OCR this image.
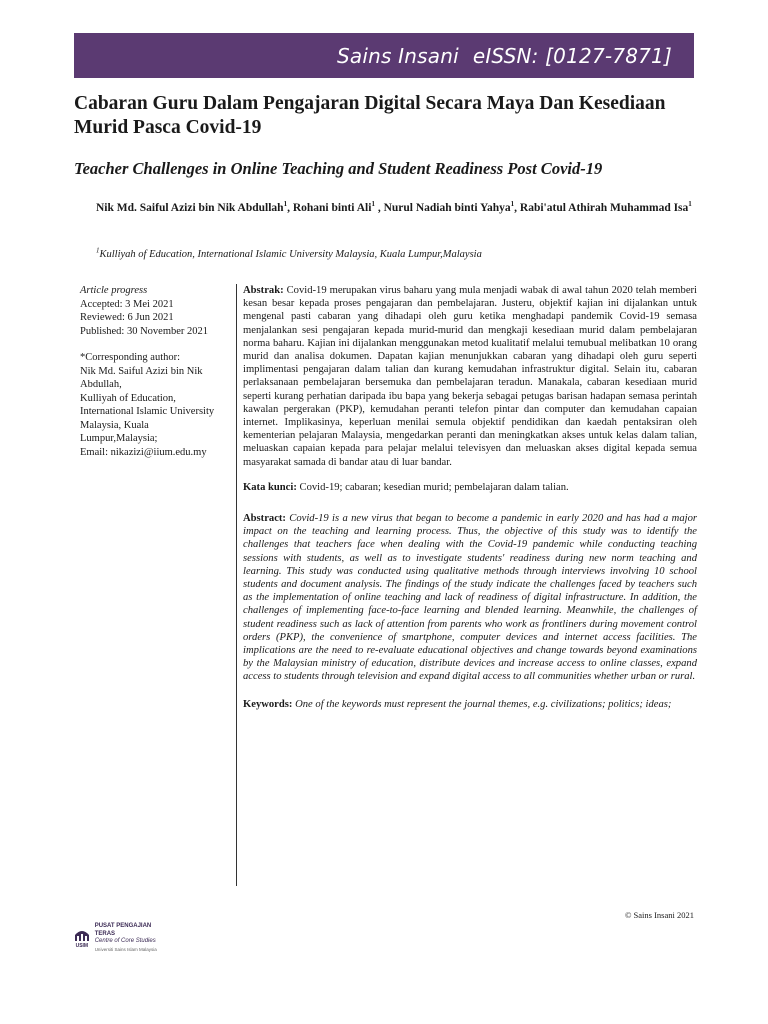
Sains Insani eISSN: [0127-7871]
Cabaran Guru Dalam Pengajaran Digital Secara Maya Dan Kesediaan Murid Pasca Covid-19
Teacher Challenges in Online Teaching and Student Readiness Post Covid-19
Nik Md. Saiful Azizi bin Nik Abdullah$^1$, Rohani binti Ali$^1$ , Nurul Nadiah binti Yahya$^1$, Rabi'atul Athirah Muhammad Isa$^1$
$^1$Kulliyah of Education, International Islamic University Malaysia, Kuala Lumpur,Malaysia
Article progress
Accepted: 3 Mei 2021
Reviewed: 6 Jun 2021
Published: 30 November 2021
*Corresponding author:
Nik Md. Saiful Azizi bin Nik Abdullah,
Kulliyah of Education,
International Islamic University
Malaysia, Kuala
Lumpur,Malaysia;
Email: nikazizi@iium.edu.my

Abstrak: Covid-19 merupakan virus baharu yang mula menjadi wabak di awal tahun 2020 telah memberi kesan besar kepada proses pengajaran dan pembelajaran. Justeru, objektif kajian ini dijalankan untuk mengenal pasti cabaran yang dihadapi oleh guru ketika menghadapi pandemik Covid-19 semasa menjalankan sesi pengajaran kepada murid-murid dan mengkaji kesediaan murid dalam pembelajaran norma baharu. Kajian ini dijalankan menggunakan metod kualitatif melalui temubual melibatkan 10 orang murid dan analisa dokumen. Dapatan kajian menunjukkan cabaran yang dihadapi oleh guru seperti implimentasi pengajaran dalam talian dan kurang kemudahan infrastruktur digital. Selain itu, cabaran perlaksanaan pembelajaran bersemuka dan pembelajaran teradun. Manakala, cabaran kesediaan murid seperti kurang perhatian daripada ibu bapa yang bekerja sebagai petugas barisan hadapan semasa perintah kawalan pergerakan (PKP), kemudahan peranti telefon pintar dan computer dan kemudahan capaian internet. Implikasinya, keperluan menilai semula objektif pendidikan dan kaedah pentaksiran oleh kementerian pelajaran Malaysia, mengedarkan peranti dan meningkatkan akses untuk kelas dalam talian, meluaskan capaian kepada para pelajar melalui televisyen dan meluaskan akses digital kepada semua masyarakat samada di bandar atau di luar bandar.

Kata kunci: Covid-19; cabaran; kesedian murid; pembelajaran dalam talian.

Abstract: Covid-19 is a new virus that began to become a pandemic in early 2020 and has had a major impact on the teaching and learning process. Thus, the objective of this study was to identify the challenges that teachers face when dealing with the Covid-19 pandemic while conducting teaching sessions with students, as well as to investigate students' readiness during new norm teaching and learning. This study was conducted using qualitative methods through interviews involving 10 school students and document analysis. The findings of the study indicate the challenges faced by teachers such as the implementation of online teaching and lack of readiness of digital infrastructure. In addition, the challenges of implementing face-to-face learning and blended learning. Meanwhile, the challenges of student readiness such as lack of attention from parents who work as frontliners during movement control orders (PKP), the convenience of smartphone, computer devices and internet access facilities. The implications are the need to re-evaluate educational objectives and change towards beyond examinations by the Malaysian ministry of education, distribute devices and increase access to online classes, expand access to students through television and expand digital access to all communities whether urban or rural.

Keywords: One of the keywords must represent the journal themes, e.g. civilizations; politics; ideas;

© Sains Insani 2021
USIM
PUSAT PENGAJIAN TERAS
Centre of Core Studies
Universiti Sains Islam Malaysia
